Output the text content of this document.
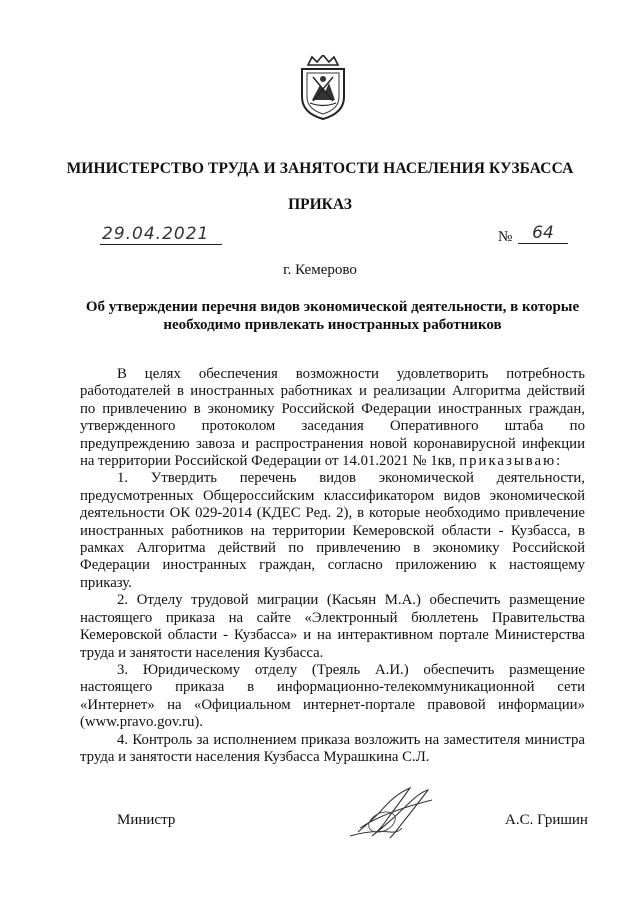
МИНИСТЕРСТВО ТРУДА И ЗАНЯТОСТИ НАСЕЛЕНИЯ КУЗБАССА
ПРИКАЗ
29.04.2021	№	64
г. Кемерово
Об утверждении перечня видов экономической деятельности, в которые необходимо привлекать иностранных работников

В целях обеспечения возможности удовлетворить потребность работодателей в иностранных работниках и реализации Алгоритма действий по привлечению в экономику Российской Федерации иностранных граждан, утвержденного протоколом заседания Оперативного штаба по предупреждению завоза и распространения новой коронавирусной инфекции на территории Российской Федерации от 14.01.2021 № 1кв, приказываю:

1. Утвердить перечень видов экономической деятельности, предусмотренных Общероссийским классификатором видов экономической деятельности ОК 029-2014 (КДЕС Ред. 2), в которые необходимо привлечение иностранных работников на территории Кемеровской области - Кузбасса, в рамках Алгоритма действий по привлечению в экономику Российской Федерации иностранных граждан, согласно приложению к настоящему приказу.

2. Отделу трудовой миграции (Касьян М.А.) обеспечить размещение настоящего приказа на сайте «Электронный бюллетень Правительства Кемеровской области - Кузбасса» и на интерактивном портале Министерства труда и занятости населения Кузбасса.

3. Юридическому отделу (Треяль А.И.) обеспечить размещение настоящего приказа в информационно-телекоммуникационной сети «Интернет» на «Официальном интернет-портале правовой информации» (www.pravo.gov.ru).

4. Контроль за исполнением приказа возложить на заместителя министра труда и занятости населения Кузбасса Мурашкина С.Л.

Министр	А.С. Гришин
